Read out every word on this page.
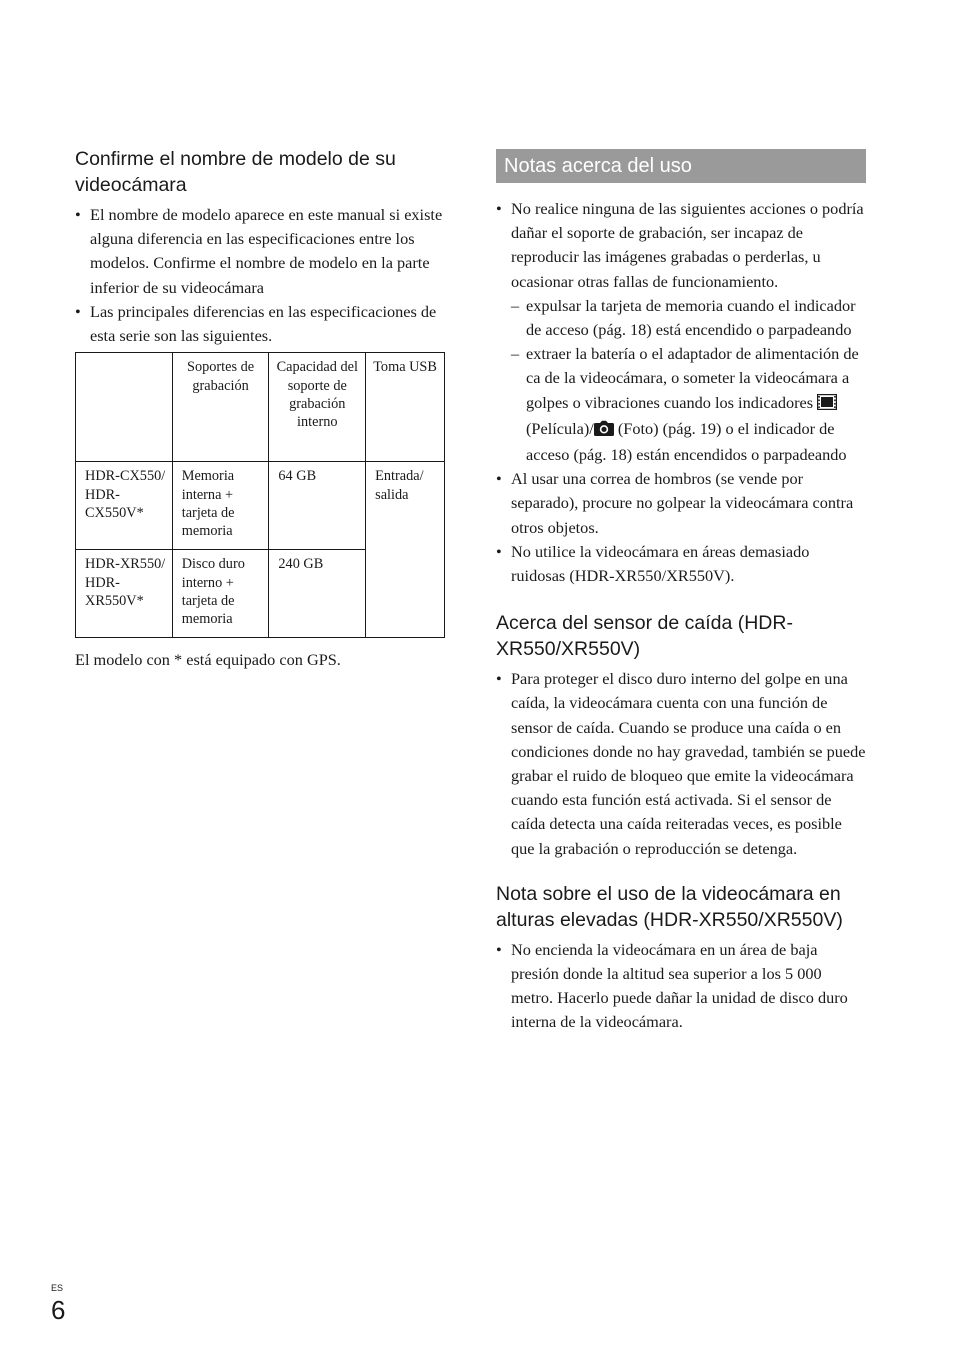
Confirme el nombre de modelo de su videocámara
• El nombre de modelo aparece en este manual si existe alguna diferencia en las especificaciones entre los modelos. Confirme el nombre de modelo en la parte inferior de su videocámara
• Las principales diferencias en las especificaciones de esta serie son las siguientes.
	Soportes de grabación	Capacidad del soporte de grabación interno	Toma USB
HDR-CX550/ HDR-CX550V*	Memoria interna + tarjeta de memoria	64 GB	Entrada/ salida
HDR-XR550/ HDR-XR550V*	Disco duro interno + tarjeta de memoria	240 GB	
El modelo con * está equipado con GPS.
Notas acerca del uso
• No realice ninguna de las siguientes acciones o podría dañar el soporte de grabación, ser incapaz de reproducir las imágenes grabadas o perderlas, u ocasionar otras fallas de funcionamiento.
– expulsar la tarjeta de memoria cuando el indicador de acceso (pág. 18) está encendido o parpadeando
– extraer la batería o el adaptador de alimentación de ca de la videocámara, o someter la videocámara a golpes o vibraciones cuando los indicadores  (Película)/ (Foto) (pág. 19) o el indicador de acceso (pág. 18) están encendidos o parpadeando
• Al usar una correa de hombros (se vende por separado), procure no golpear la videocámara contra otros objetos.
• No utilice la videocámara en áreas demasiado ruidosas (HDR-XR550/XR550V).
Acerca del sensor de caída (HDR-XR550/XR550V)
• Para proteger el disco duro interno del golpe en una caída, la videocámara cuenta con una función de sensor de caída. Cuando se produce una caída o en condiciones donde no hay gravedad, también se puede grabar el ruido de bloqueo que emite la videocámara cuando esta función está activada. Si el sensor de caída detecta una caída reiteradas veces, es posible que la grabación o reproducción se detenga.
Nota sobre el uso de la videocámara en alturas elevadas (HDR-XR550/XR550V)
• No encienda la videocámara en un área de baja presión donde la altitud sea superior a los 5 000 metro. Hacerlo puede dañar la unidad de disco duro interna de la videocámara.
ES
6
